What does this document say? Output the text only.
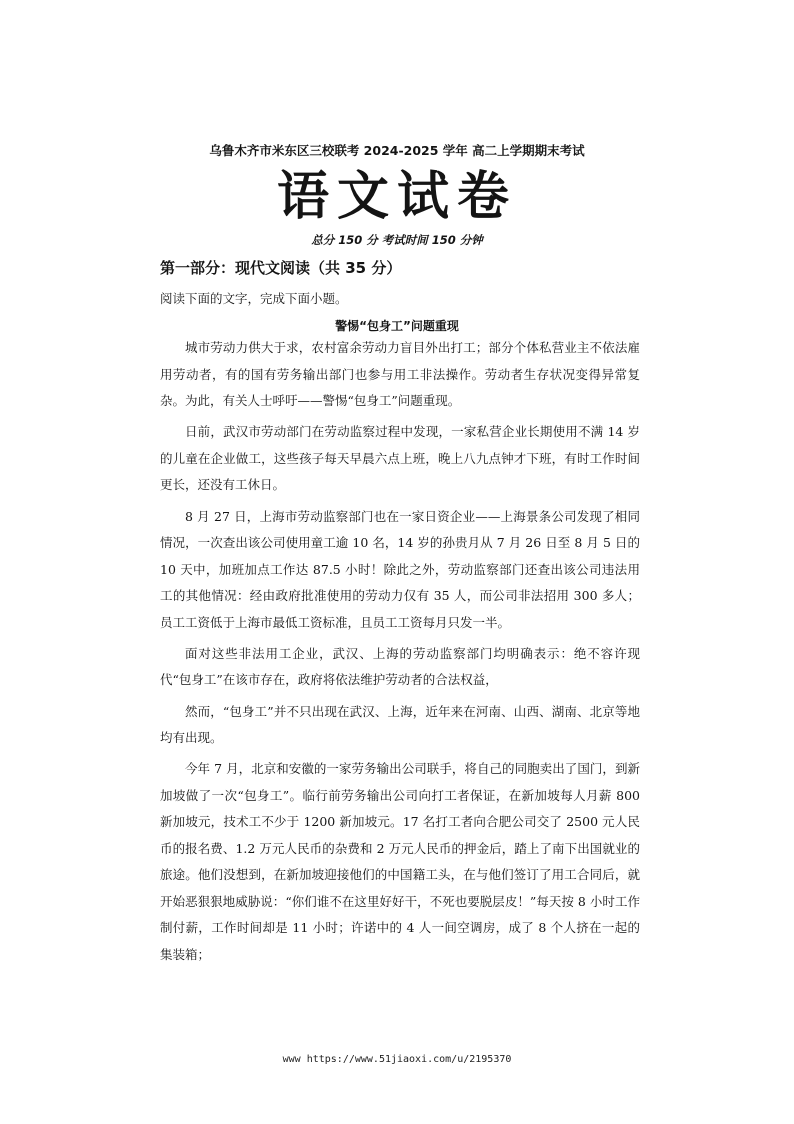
乌鲁木齐市米东区三校联考 2024-2025 学年 高二上学期期末考试
语文试卷
总分 150 分 考试时间 150 分钟
第一部分：现代文阅读（共 35 分）
阅读下面的文字，完成下面小题。
警惕“包身工”问题重现

城市劳动力供大于求，农村富余劳动力盲目外出打工；部分个体私营业主不依法雇用劳动者，有的国有劳务输出部门也参与用工非法操作。劳动者生存状况变得异常复杂。为此，有关人士呼吁——警惕“包身工”问题重现。

日前，武汉市劳动部门在劳动监察过程中发现，一家私营企业长期使用不满 14 岁的儿童在企业做工，这些孩子每天早晨六点上班，晚上八九点钟才下班，有时工作时间更长，还没有工休日。

8 月 27 日，上海市劳动监察部门也在一家日资企业——上海景条公司发现了相同情况，一次查出该公司使用童工逾 10 名，14 岁的孙贵月从 7 月 26 日至 8 月 5 日的 10 天中，加班加点工作达 87.5 小时！除此之外，劳动监察部门还查出该公司违法用工的其他情况：经由政府批准使用的劳动力仅有 35 人，而公司非法招用 300 多人；员工工资低于上海市最低工资标准，且员工工资每月只发一半。

面对这些非法用工企业，武汉、上海的劳动监察部门均明确表示：绝不容许现代“包身工”在该市存在，政府将依法维护劳动者的合法权益，

然而，“包身工”并不只出现在武汉、上海，近年来在河南、山西、湖南、北京等地均有出现。

今年 7 月，北京和安徽的一家劳务输出公司联手，将自己的同胞卖出了国门，到新加坡做了一次“包身工”。临行前劳务输出公司向打工者保证，在新加坡每人月薪 800 新加坡元，技术工不少于 1200 新加坡元。17 名打工者向合肥公司交了 2500 元人民币的报名费、1.2 万元人民币的杂费和 2 万元人民币的押金后，踏上了南下出国就业的旅途。他们没想到，在新加坡迎接他们的中国籍工头，在与他们签订了用工合同后，就开始恶狠狠地威胁说：“你们谁不在这里好好干，不死也要脱层皮！”每天按 8 小时工作制付薪，工作时间却是 11 小时；许诺中的 4 人一间空调房，成了 8 个人挤在一起的集装箱；

www https://www.51jiaoxi.com/u/2195370
